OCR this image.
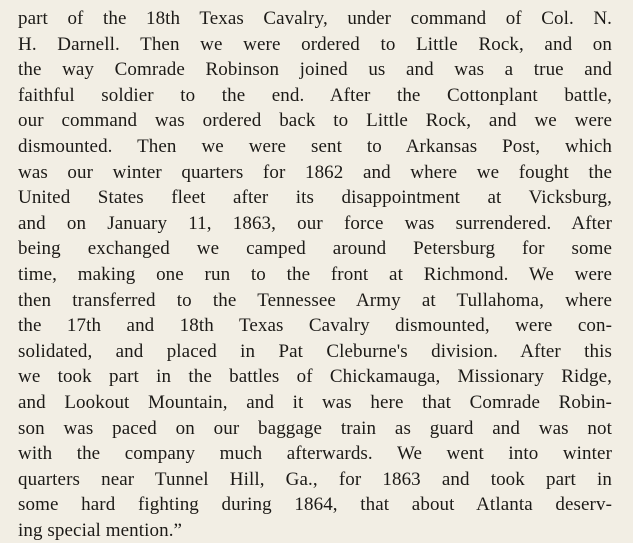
part of the 18th Texas Cavalry, under command of Col. N.
H. Darnell. Then we were ordered to Little Rock, and on
the way Comrade Robinson joined us and was a true and
faithful soldier to the end. After the Cottonplant battle,
our command was ordered back to Little Rock, and we were
dismounted. Then we were sent to Arkansas Post, which
was our winter quarters for 1862 and where we fought the
United States fleet after its disappointment at Vicksburg,
and on January 11, 1863, our force was surrendered. After
being exchanged we camped around Petersburg for some
time, making one run to the front at Richmond. We were
then transferred to the Tennessee Army at Tullahoma, where
the 17th and 18th Texas Cavalry dismounted, were con-
solidated, and placed in Pat Cleburne's division. After this
we took part in the battles of Chickamauga, Missionary Ridge,
and Lookout Mountain, and it was here that Comrade Robin-
son was paced on our baggage train as guard and was not
with the company much afterwards. We went into winter
quarters near Tunnel Hill, Ga., for 1863 and took part in
some hard fighting during 1864, that about Atlanta deserv-
ing special mention.”
